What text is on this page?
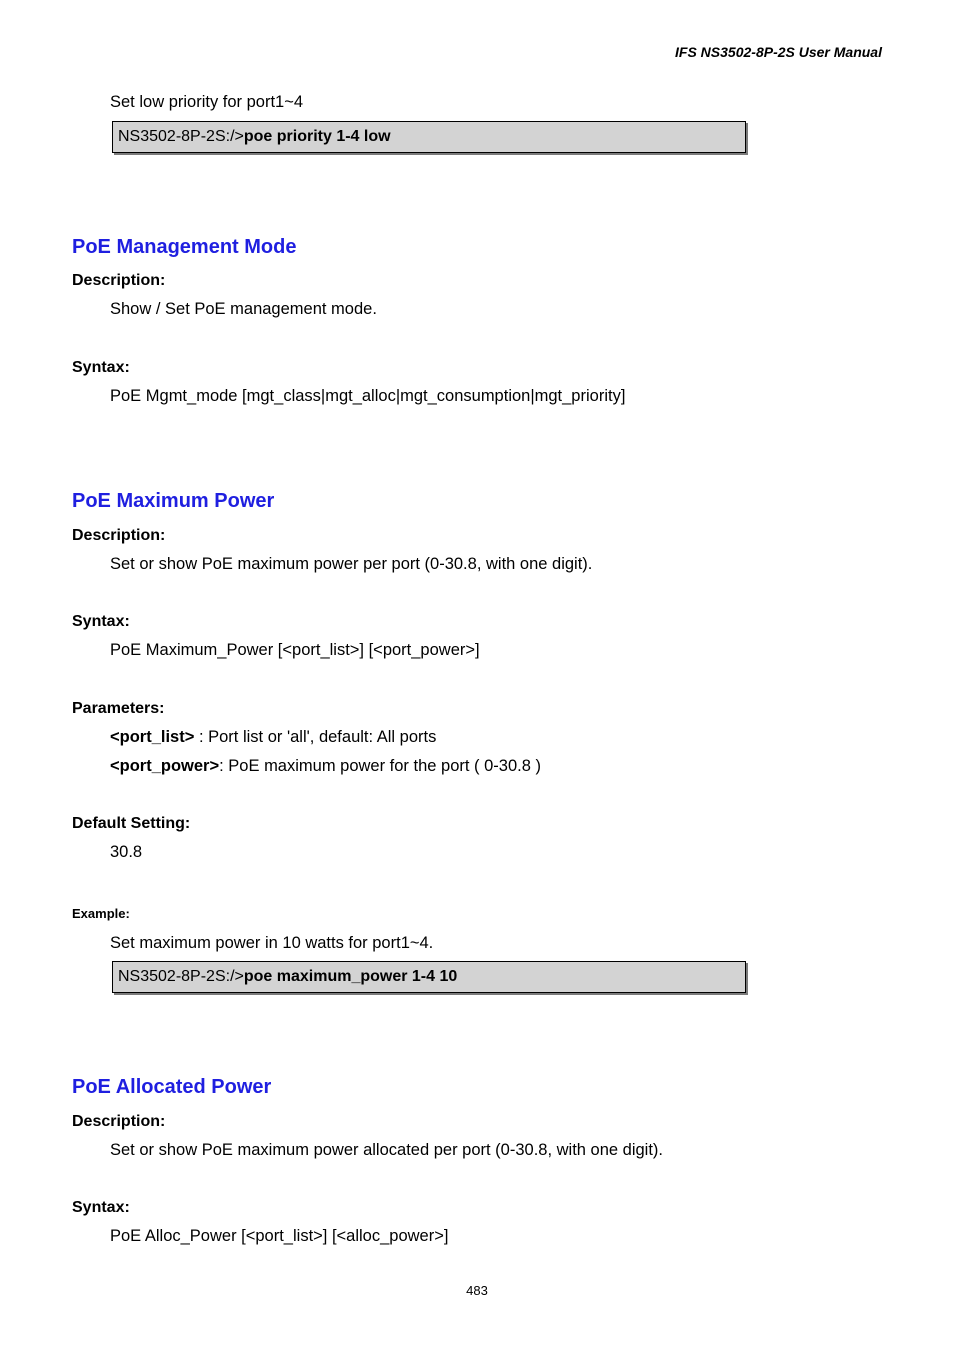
IFS NS3502-8P-2S User Manual
Set low priority for port1~4
NS3502-8P-2S:/>poe priority 1-4 low
PoE Management Mode
Description:
Show / Set PoE management mode.
Syntax:
PoE Mgmt_mode [mgt_class|mgt_alloc|mgt_consumption|mgt_priority]
PoE Maximum Power
Description:
Set or show PoE maximum power per port (0-30.8, with one digit).
Syntax:
PoE Maximum_Power [<port_list>] [<port_power>]
Parameters:
<port_list> : Port list or 'all', default: All ports
<port_power>: PoE maximum power for the port ( 0-30.8 )
Default Setting:
30.8
Example:
Set maximum power in 10 watts for port1~4.
NS3502-8P-2S:/>poe maximum_power 1-4 10
PoE Allocated Power
Description:
Set or show PoE maximum power allocated per port (0-30.8, with one digit).
Syntax:
PoE Alloc_Power [<port_list>] [<alloc_power>]
483
